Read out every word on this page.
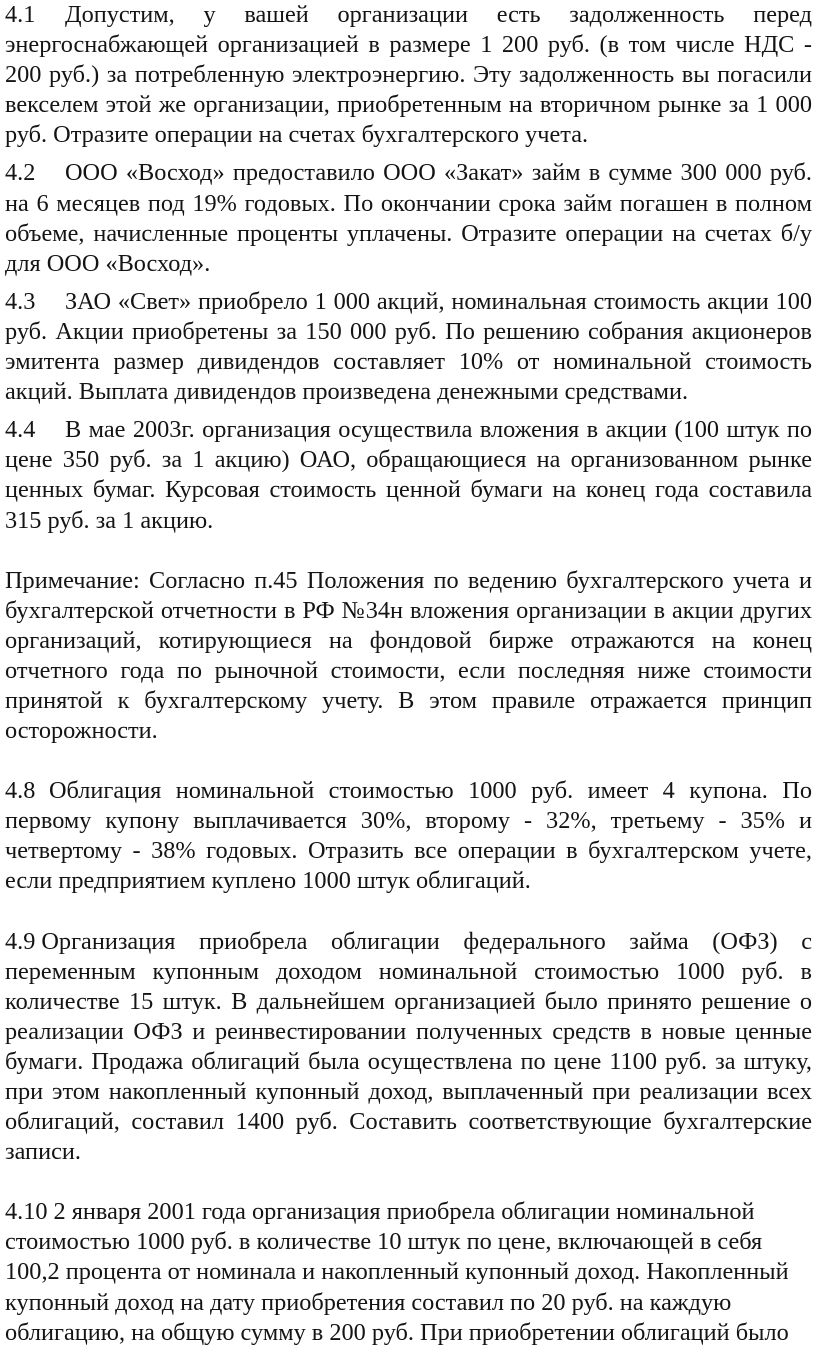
4.1 Допустим, у вашей организации есть задолженность перед энергоснабжающей организацией в размере 1 200 руб. (в том числе НДС - 200 руб.) за потребленную электроэнергию. Эту задолженность вы погасили векселем этой же организации, приобретенным на вторичном рынке за 1 000 руб. Отразите операции на счетах бухгалтерского учета.

4.2 ООО «Восход» предоставило ООО «Закат» займ в сумме 300 000 руб. на 6 месяцев под 19% годовых. По окончании срока займ погашен в полном объеме, начисленные проценты уплачены. Отразите операции на счетах б/у для ООО «Восход».

4.3 ЗАО «Свет» приобрело 1 000 акций, номинальная стоимость акции 100 руб. Акции приобретены за 150 000 руб. По решению собрания акционеров эмитента размер дивидендов составляет 10% от номинальной стоимость акций. Выплата дивидендов произведена денежными средствами.

4.4 В мае 2003г. организация осуществила вложения в акции (100 штук по цене 350 руб. за 1 акцию) ОАО, обращающиеся на организованном рынке ценных бумаг. Курсовая стоимость ценной бумаги на конец года составила 315 руб. за 1 акцию.

Примечание: Согласно п.45 Положения по ведению бухгалтерского учета и бухгалтерской отчетности в РФ №34н вложения организации в акции других организаций, котирующиеся на фондовой бирже отражаются на конец отчетного года по рыночной стоимости, если последняя ниже стоимости принятой к бухгалтерскому учету. В этом правиле отражается принцип осторожности.

4.8 Облигация номинальной стоимостью 1000 руб. имеет 4 купона. По первому купону выплачивается 30%, второму - 32%, третьему - 35% и четвертому - 38% годовых. Отразить все операции в бухгалтерском учете, если предприятием куплено 1000 штук облигаций.

4.9 Организация приобрела облигации федерального займа (ОФЗ) с переменным купонным доходом номинальной стоимостью 1000 руб. в количестве 15 штук. В дальнейшем организацией было принято решение о реализации ОФЗ и реинвестировании полученных средств в новые ценные бумаги. Продажа облигаций была осуществлена по цене 1100 руб. за штуку, при этом накопленный купонный доход, выплаченный при реализации всех облигаций, составил 1400 руб. Составить соответствующие бухгалтерские записи.

4.10 2 января 2001 года организация приобрела облигации номинальной стоимостью 1000 руб. в количестве 10 штук по цене, включающей в себя 100,2 процента от номинала и накопленный купонный доход. Накопленный купонный доход на дату приобретения составил по 20 руб. на каждую облигацию, на общую сумму в 200 руб. При приобретении облигаций было
